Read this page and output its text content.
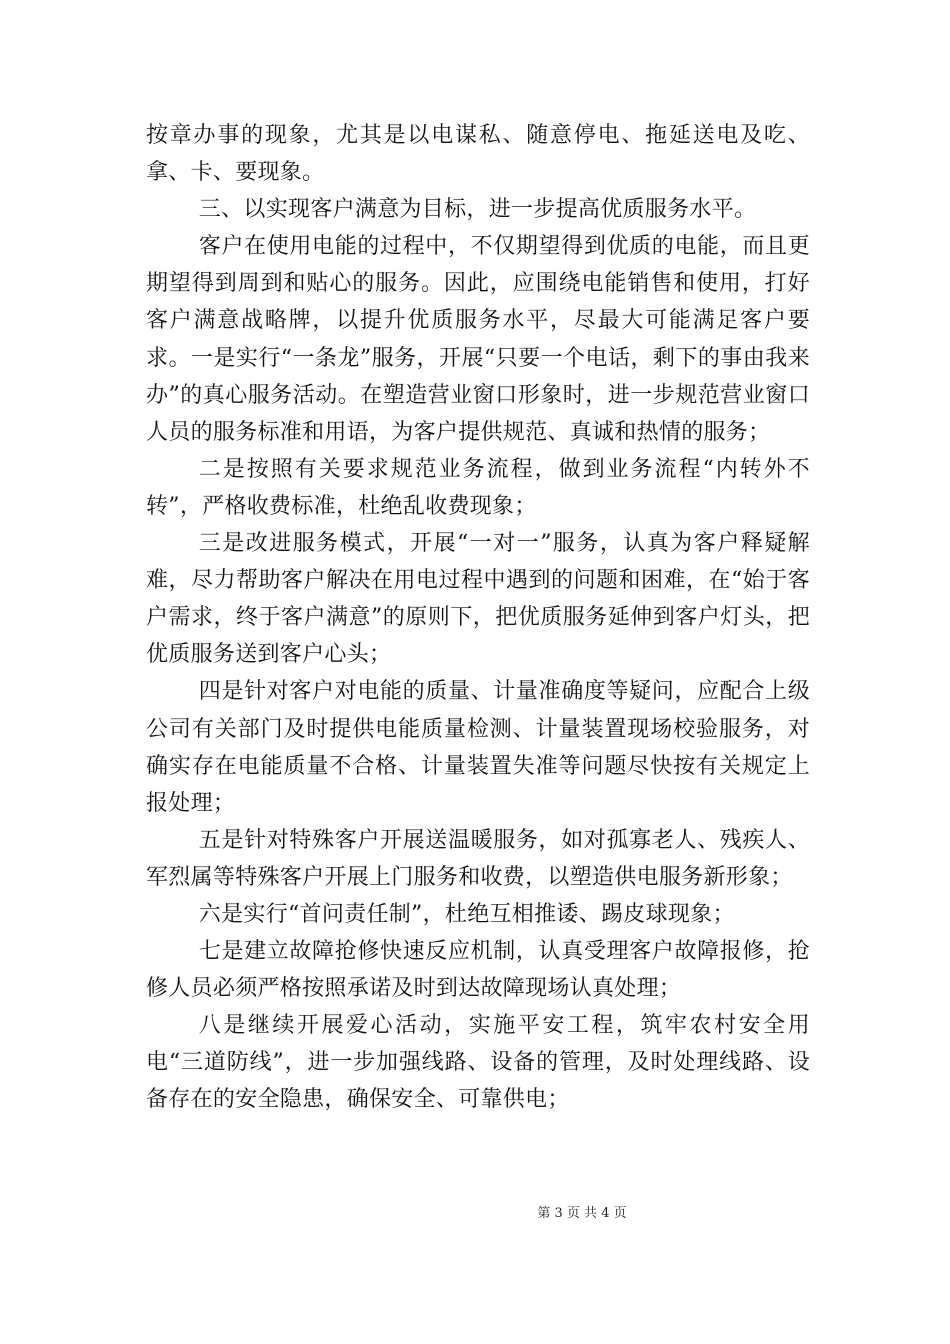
按章办事的现象，尤其是以电谋私、随意停电、拖延送电及吃、拿、卡、要现象。

三、以实现客户满意为目标，进一步提高优质服务水平。

客户在使用电能的过程中，不仅期望得到优质的电能，而且更期望得到周到和贴心的服务。因此，应围绕电能销售和使用，打好客户满意战略牌，以提升优质服务水平，尽最大可能满足客户要求。一是实行“一条龙”服务，开展“只要一个电话，剩下的事由我来办”的真心服务活动。在塑造营业窗口形象时，进一步规范营业窗口人员的服务标准和用语，为客户提供规范、真诚和热情的服务；

二是按照有关要求规范业务流程，做到业务流程“内转外不转”，严格收费标准，杜绝乱收费现象；

三是改进服务模式，开展“一对一”服务，认真为客户释疑解难，尽力帮助客户解决在用电过程中遇到的问题和困难，在“始于客户需求，终于客户满意”的原则下，把优质服务延伸到客户灯头，把优质服务送到客户心头；

四是针对客户对电能的质量、计量准确度等疑问，应配合上级公司有关部门及时提供电能质量检测、计量装置现场校验服务，对确实存在电能质量不合格、计量装置失准等问题尽快按有关规定上报处理；

五是针对特殊客户开展送温暖服务，如对孤寡老人、残疾人、军烈属等特殊客户开展上门服务和收费，以塑造供电服务新形象；

六是实行“首问责任制”，杜绝互相推诿、踢皮球现象；

七是建立故障抢修快速反应机制，认真受理客户故障报修，抢修人员必须严格按照承诺及时到达故障现场认真处理；

八是继续开展爱心活动，实施平安工程，筑牢农村安全用电“三道防线”，进一步加强线路、设备的管理，及时处理线路、设备存在的安全隐患，确保安全、可靠供电；

第 3 页 共 4 页
